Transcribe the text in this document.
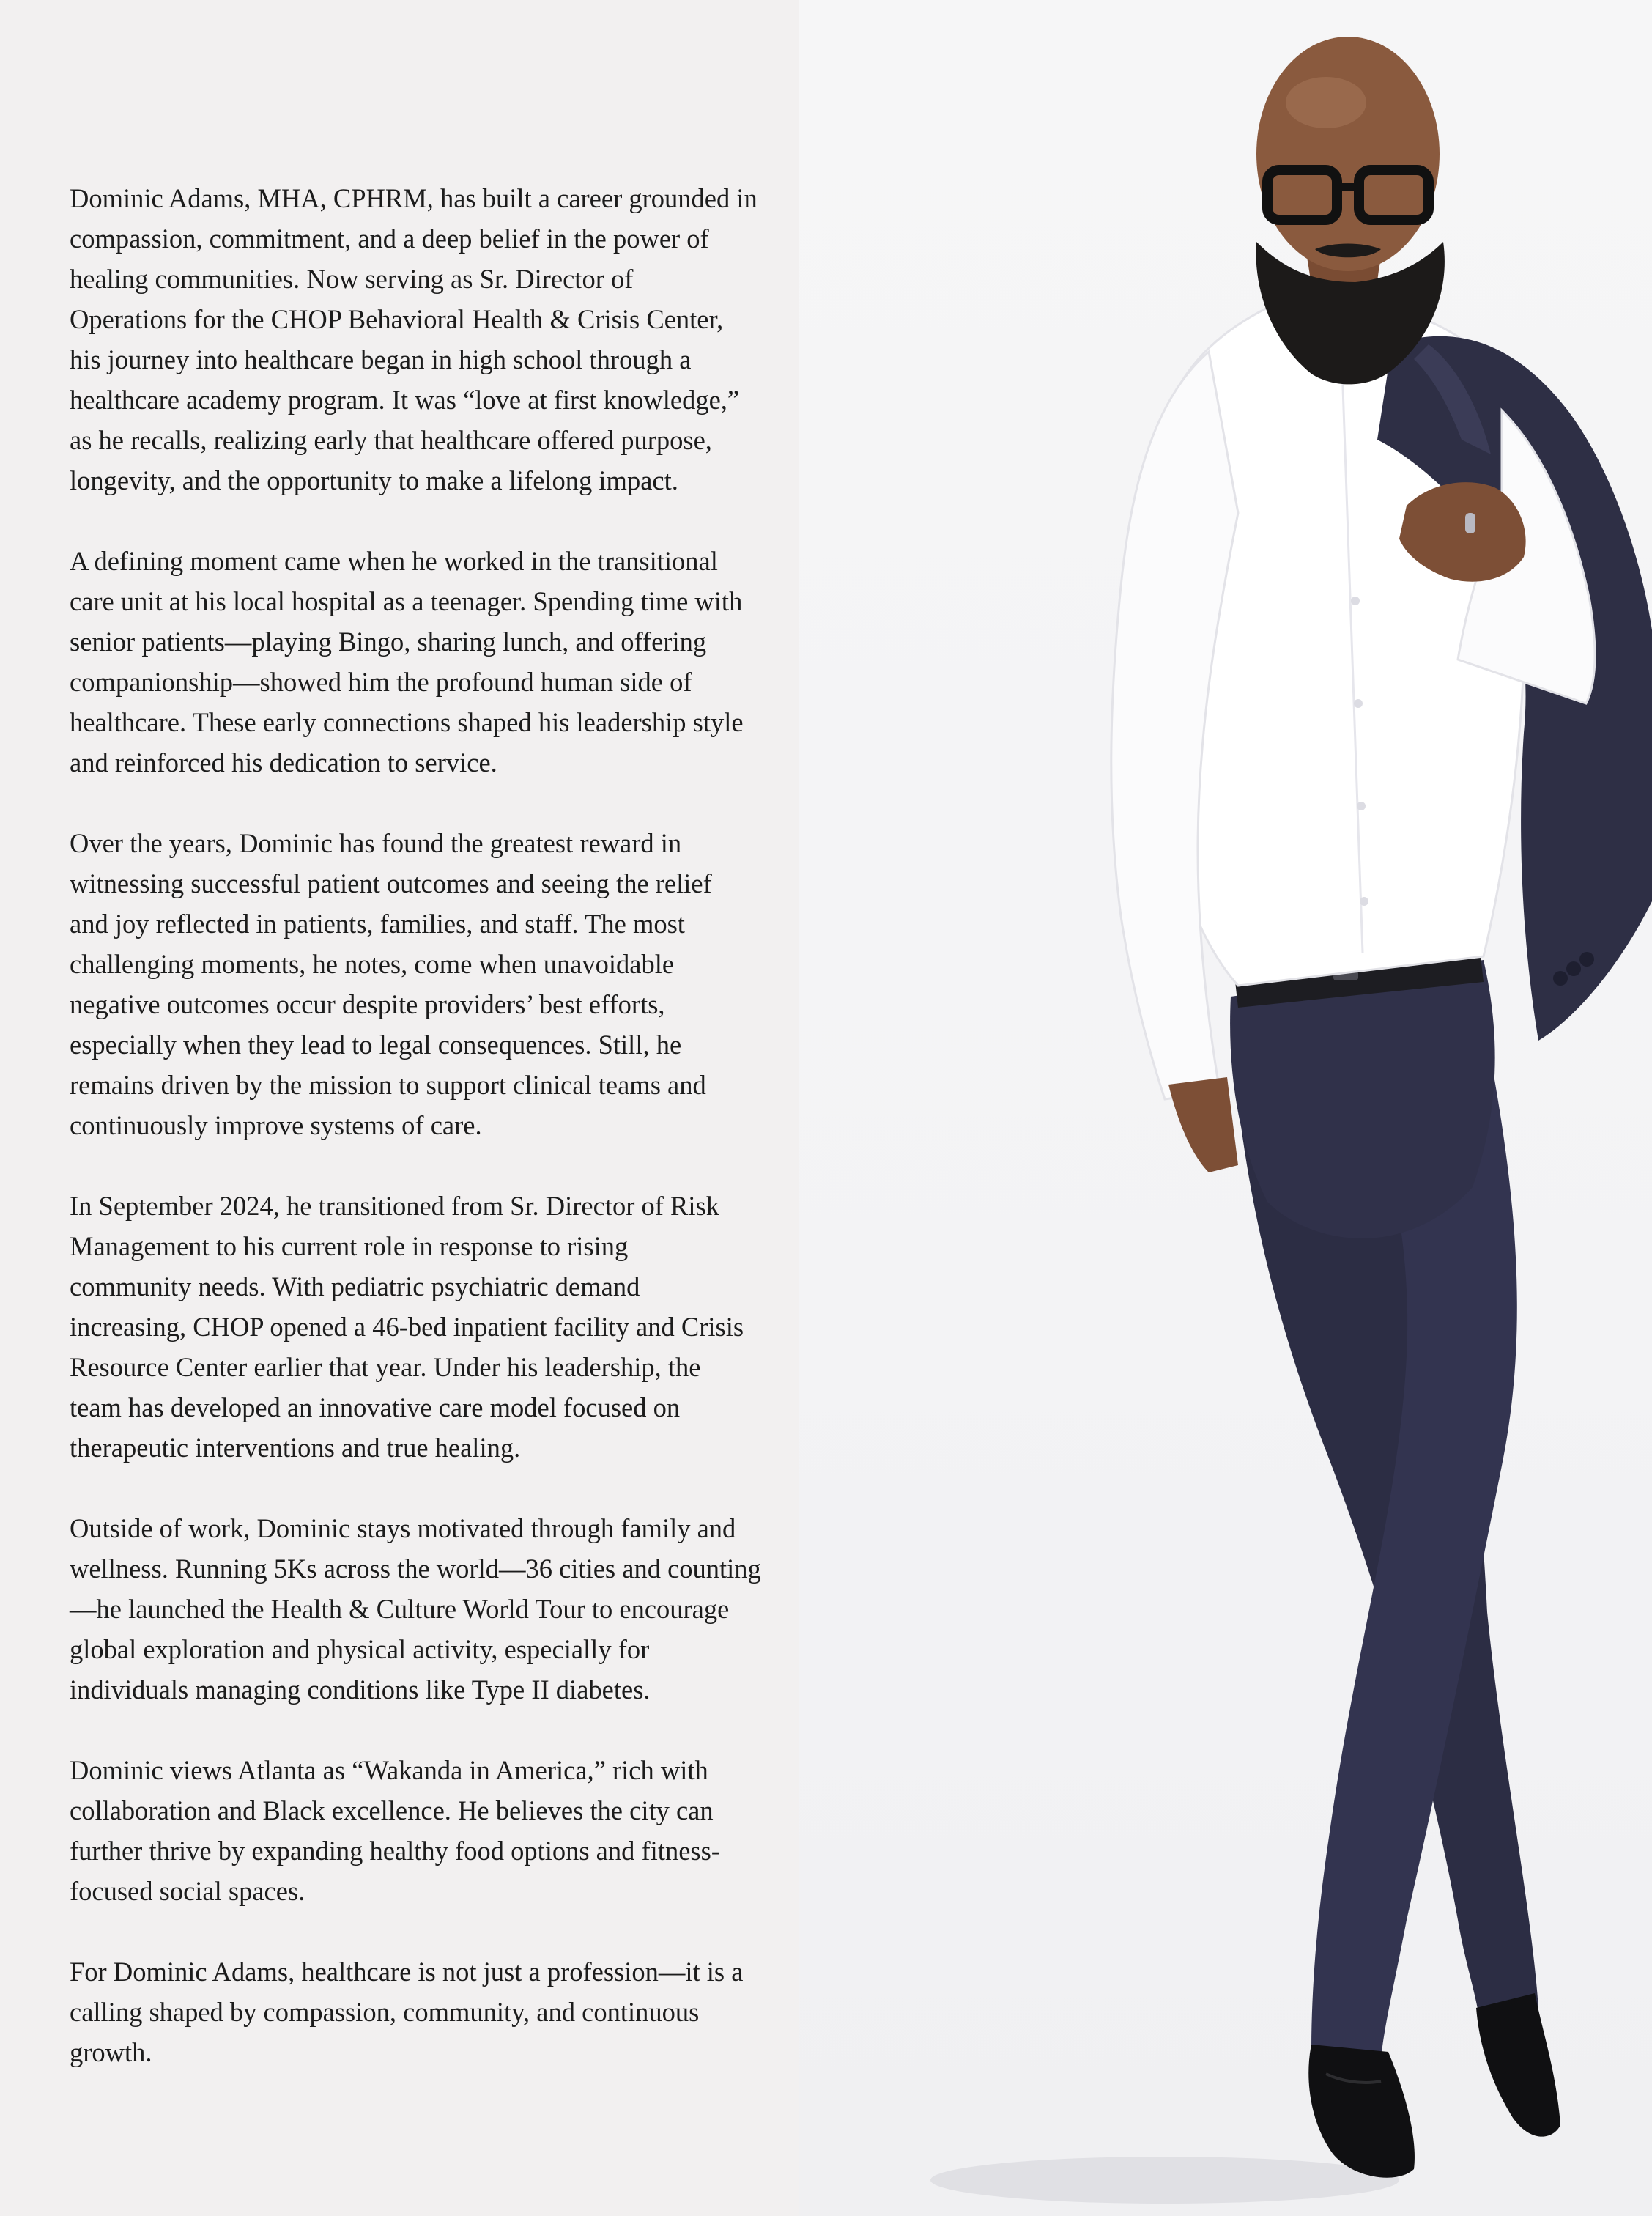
Dominic Adams, MHA, CPHRM, has built a career grounded in
compassion, commitment, and a deep belief in the power of
healing communities. Now serving as Sr. Director of
Operations for the CHOP Behavioral Health & Crisis Center,
his journey into healthcare began in high school through a
healthcare academy program. It was “love at first knowledge,”
as he recalls, realizing early that healthcare offered purpose,
longevity, and the opportunity to make a lifelong impact.

A defining moment came when he worked in the transitional
care unit at his local hospital as a teenager. Spending time with
senior patients—playing Bingo, sharing lunch, and offering
companionship—showed him the profound human side of
healthcare. These early connections shaped his leadership style
and reinforced his dedication to service.

Over the years, Dominic has found the greatest reward in
witnessing successful patient outcomes and seeing the relief
and joy reflected in patients, families, and staff. The most
challenging moments, he notes, come when unavoidable
negative outcomes occur despite providers’ best efforts,
especially when they lead to legal consequences. Still, he
remains driven by the mission to support clinical teams and
continuously improve systems of care.

In September 2024, he transitioned from Sr. Director of Risk
Management to his current role in response to rising
community needs. With pediatric psychiatric demand
increasing, CHOP opened a 46-bed inpatient facility and Crisis
Resource Center earlier that year. Under his leadership, the
team has developed an innovative care model focused on
therapeutic interventions and true healing.

Outside of work, Dominic stays motivated through family and
wellness. Running 5Ks across the world—36 cities and counting
—he launched the Health & Culture World Tour to encourage
global exploration and physical activity, especially for
individuals managing conditions like Type II diabetes.

Dominic views Atlanta as “Wakanda in America,” rich with
collaboration and Black excellence. He believes the city can
further thrive by expanding healthy food options and fitness-
focused social spaces.

For Dominic Adams, healthcare is not just a profession—it is a
calling shaped by compassion, community, and continuous
growth.
